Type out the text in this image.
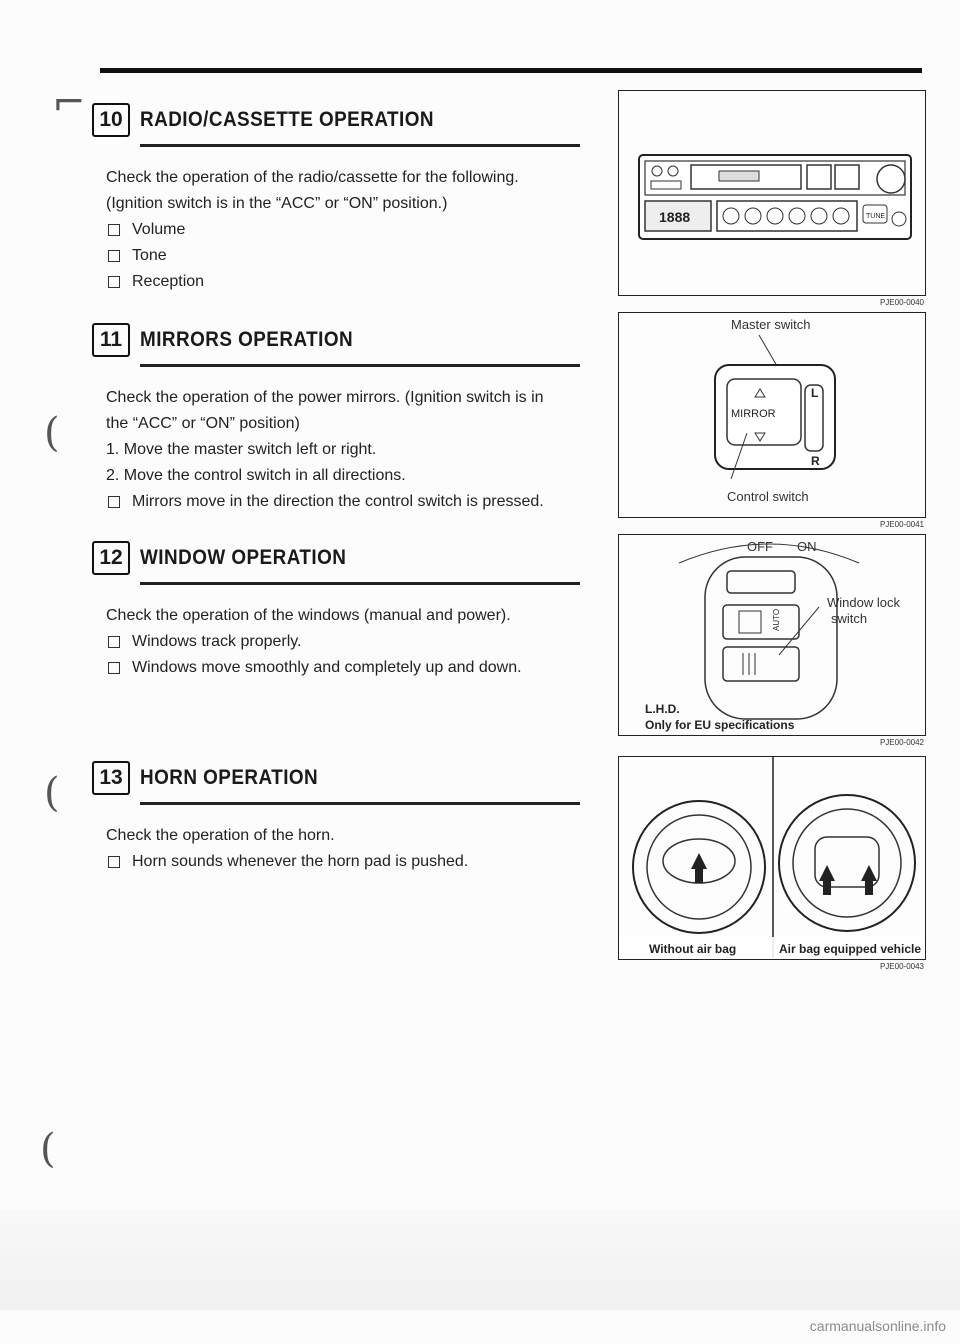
⌐
(
(
(
10 RADIO/CASSETTE OPERATION

Check the operation of the radio/cassette for the following.

(Ignition switch is in the “ACC” or “ON” position.)

Volume
Tone
Reception
11 MIRRORS OPERATION

Check the operation of the power mirrors. (Ignition switch is in

the “ACC” or “ON” position)

1. Move the master switch left or right.

2. Move the control switch in all directions.

Mirrors move in the direction the control switch is pressed.
12 WINDOW OPERATION

Check the operation of the windows (manual and power).

Windows track properly.
Windows move smoothly and completely up and down.
13 HORN OPERATION

Check the operation of the horn.

Horn sounds whenever the horn pad is pushed.
1888	TUNE
PJE00-0040
Master switch
MIRROR
L
R
Control switch
PJE00-0041
OFF ON
AUTO
Window lock
switch
L.H.D.
Only for EU specifications
PJE00-0042
Without air bag	Air bag equipped vehicle
PJE00-0043
carmanualsonline.info
